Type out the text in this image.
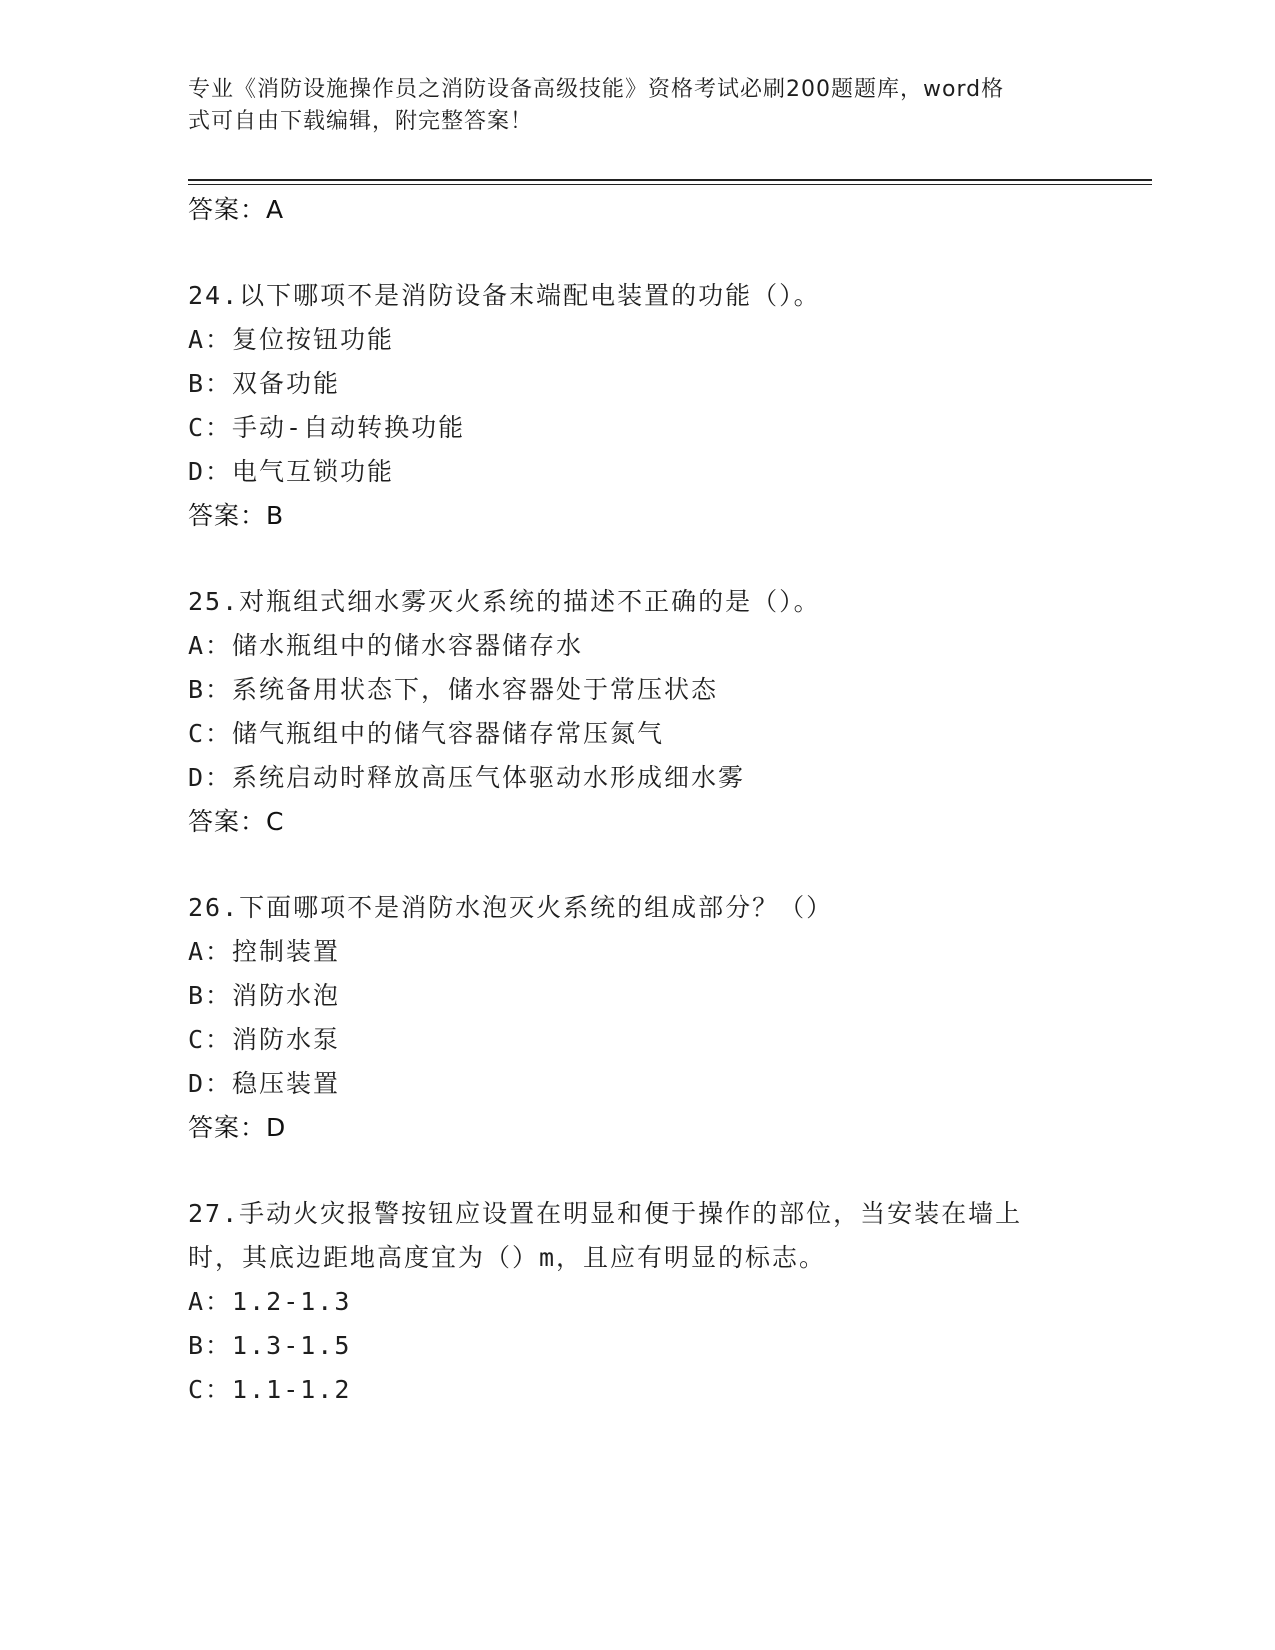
专业《消防设施操作员之消防设备高级技能》资格考试必刷200题题库，word格
式可自由下载编辑，附完整答案！
答案：A
24.以下哪项不是消防设备末端配电装置的功能（）。
A：复位按钮功能
B：双备功能
C：手动-自动转换功能
D：电气互锁功能
答案：B
25.对瓶组式细水雾灭火系统的描述不正确的是（）。
A：储水瓶组中的储水容器储存水
B：系统备用状态下，储水容器处于常压状态
C：储气瓶组中的储气容器储存常压氮气
D：系统启动时释放高压气体驱动水形成细水雾
答案：C
26.下面哪项不是消防水泡灭火系统的组成部分？（）
A：控制装置
B：消防水泡
C：消防水泵
D：稳压装置
答案：D
27.手动火灾报警按钮应设置在明显和便于操作的部位，当安装在墙上
时，其底边距地高度宜为（）m，且应有明显的标志。
A：1.2-1.3
B：1.3-1.5
C：1.1-1.2
